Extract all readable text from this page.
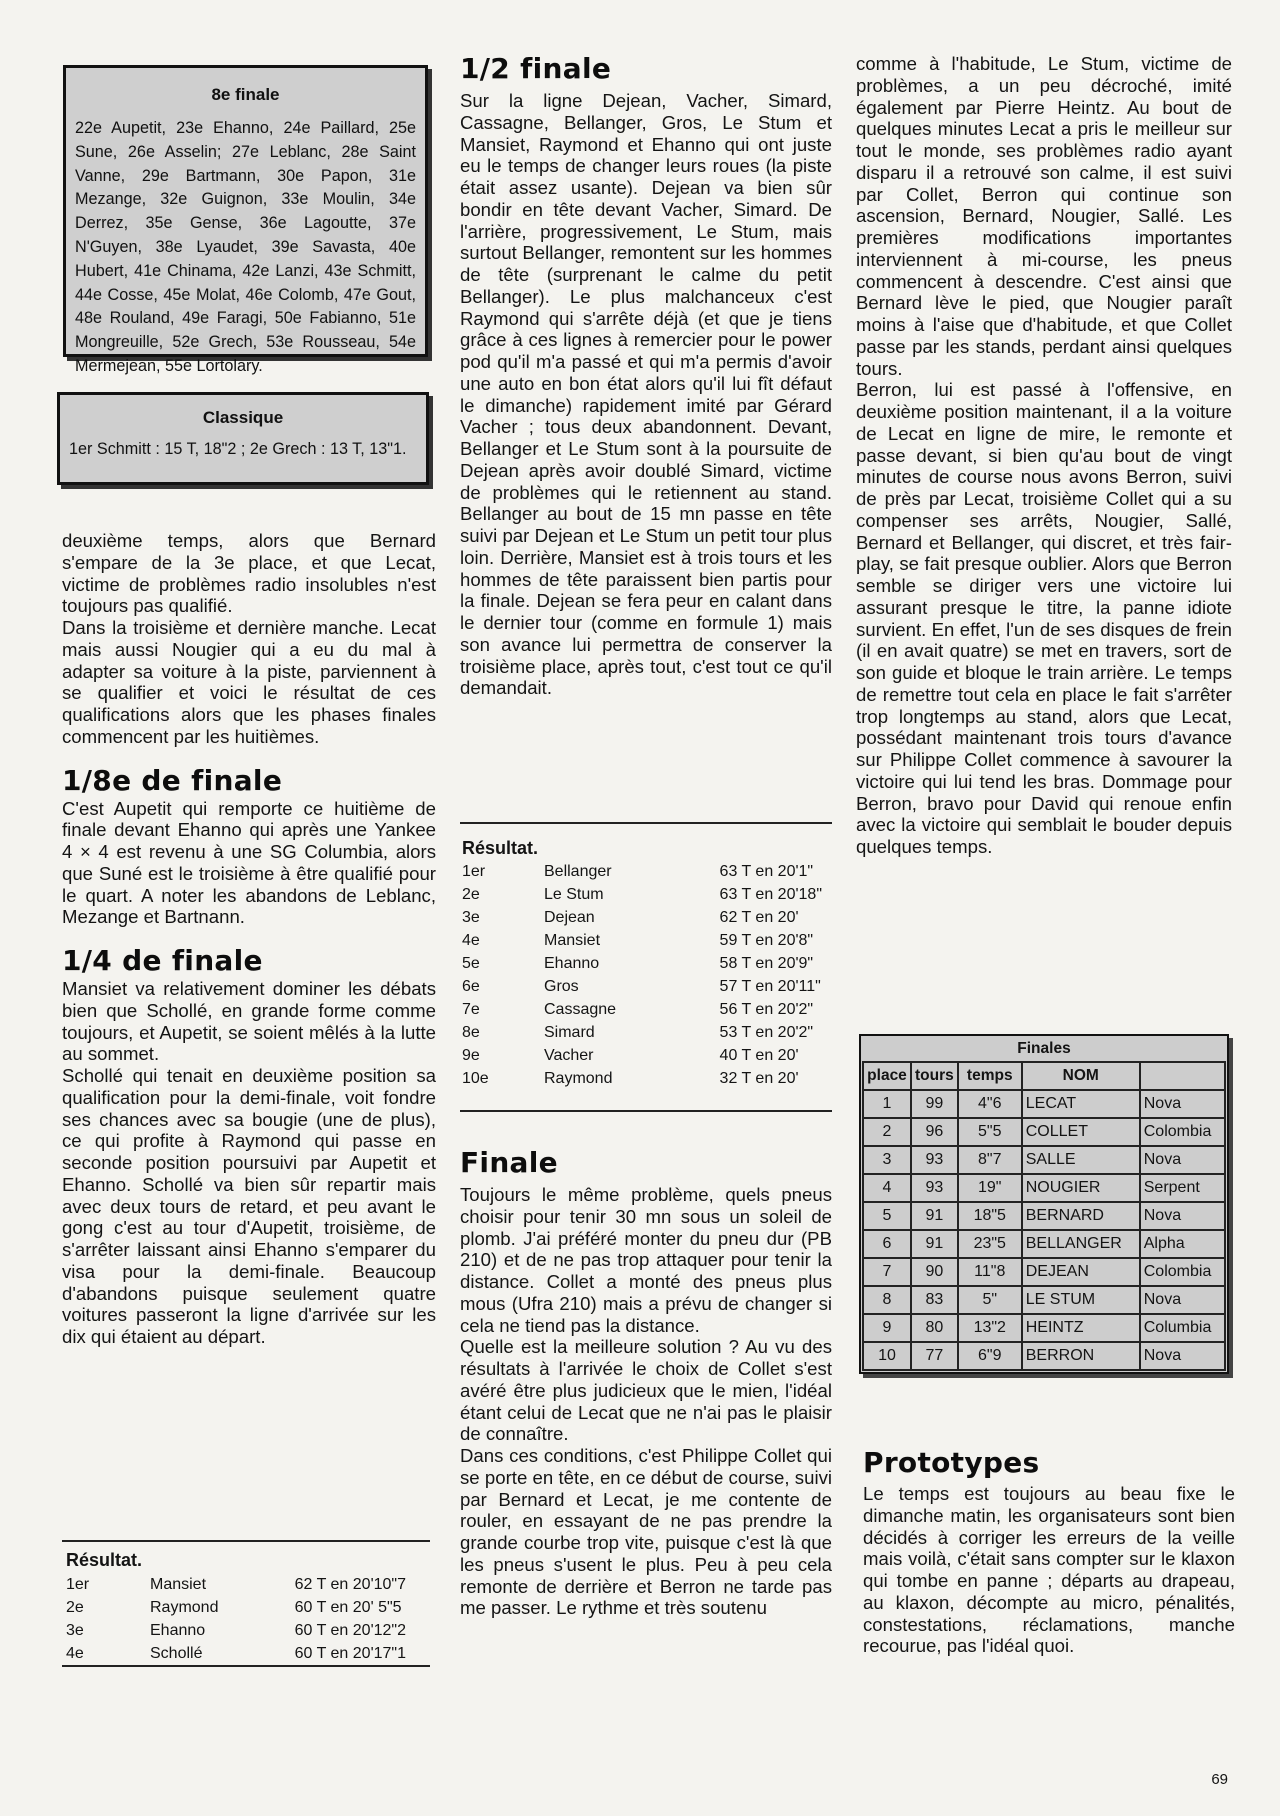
8e finale

22e Aupetit, 23e Ehanno, 24e Paillard, 25e Sune, 26e Asselin; 27e Leblanc, 28e Saint Vanne, 29e Bartmann, 30e Papon, 31e Mezange, 32e Guignon, 33e Moulin, 34e Derrez, 35e Gense, 36e Lagoutte, 37e N'Guyen, 38e Lyaudet, 39e Savasta, 40e Hubert, 41e Chinama, 42e Lanzi, 43e Schmitt, 44e Cosse, 45e Molat, 46e Colomb, 47e Gout, 48e Rouland, 49e Faragi, 50e Fabianno, 51e Mongreuille, 52e Grech, 53e Rousseau, 54e Mermejean, 55e Lortolary.

Classique

1er Schmitt : 15 T, 18"2 ; 2e Grech : 13 T, 13"1.

deuxième temps, alors que Bernard s'empare de la 3e place, et que Lecat, victime de problèmes radio insolubles n'est toujours pas qualifié.

Dans la troisième et dernière manche. Lecat mais aussi Nougier qui a eu du mal à adapter sa voiture à la piste, parviennent à se qualifier et voici le résultat de ces qualifications alors que les phases finales commencent par les huitièmes.

1/8e de finale

C'est Aupetit qui remporte ce huitième de finale devant Ehanno qui après une Yankee 4 × 4 est revenu à une SG Columbia, alors que Suné est le troisième à être qualifié pour le quart. A noter les abandons de Leblanc, Mezange et Bartnann.

1/4 de finale

Mansiet va relativement dominer les débats bien que Schollé, en grande forme comme toujours, et Aupetit, se soient mêlés à la lutte au sommet.

Schollé qui tenait en deuxième position sa qualification pour la demi-finale, voit fondre ses chances avec sa bougie (une de plus), ce qui profite à Raymond qui passe en seconde position poursuivi par Aupetit et Ehanno. Schollé va bien sûr repartir mais avec deux tours de retard, et peu avant le gong c'est au tour d'Aupetit, troisième, de s'arrêter laissant ainsi Ehanno s'emparer du visa pour la demi-finale. Beaucoup d'abandons puisque seulement quatre voitures passeront la ligne d'arrivée sur les dix qui étaient au départ.

Résultat.

1er	Mansiet	62 T en 20'10"7
2e	Raymond	60 T en 20' 5"5
3e	Ehanno	60 T en 20'12"2
4e	Schollé	60 T en 20'17"1
1/2 finale

Sur la ligne Dejean, Vacher, Simard, Cassagne, Bellanger, Gros, Le Stum et Mansiet, Raymond et Ehanno qui ont juste eu le temps de changer leurs roues (la piste était assez usante). Dejean va bien sûr bondir en tête devant Vacher, Simard. De l'arrière, progressivement, Le Stum, mais surtout Bellanger, remontent sur les hommes de tête (surprenant le calme du petit Bellanger). Le plus malchanceux c'est Raymond qui s'arrête déjà (et que je tiens grâce à ces lignes à remercier pour le power pod qu'il m'a passé et qui m'a permis d'avoir une auto en bon état alors qu'il lui fît défaut le dimanche) rapidement imité par Gérard Vacher ; tous deux abandonnent. Devant, Bellanger et Le Stum sont à la poursuite de Dejean après avoir doublé Simard, victime de problèmes qui le retiennent au stand. Bellanger au bout de 15 mn passe en tête suivi par Dejean et Le Stum un petit tour plus loin. Derrière, Mansiet est à trois tours et les hommes de tête paraissent bien partis pour la finale. Dejean se fera peur en calant dans le dernier tour (comme en formule 1) mais son avance lui permettra de conserver la troisième place, après tout, c'est tout ce qu'il demandait.

Résultat.

1er	Bellanger	63 T en 20'1"
2e	Le Stum	63 T en 20'18"
3e	Dejean	62 T en 20'
4e	Mansiet	59 T en 20'8"
5e	Ehanno	58 T en 20'9"
6e	Gros	57 T en 20'11"
7e	Cassagne	56 T en 20'2"
8e	Simard	53 T en 20'2"
9e	Vacher	40 T en 20'
10e	Raymond	32 T en 20'
Finale

Toujours le même problème, quels pneus choisir pour tenir 30 mn sous un soleil de plomb. J'ai préféré monter du pneu dur (PB 210) et de ne pas trop attaquer pour tenir la distance. Collet a monté des pneus plus mous (Ufra 210) mais a prévu de changer si cela ne tiend pas la distance.

Quelle est la meilleure solution ? Au vu des résultats à l'arrivée le choix de Collet s'est avéré être plus judicieux que le mien, l'idéal étant celui de Lecat que ne n'ai pas le plaisir de connaître.

Dans ces conditions, c'est Philippe Collet qui se porte en tête, en ce début de course, suivi par Bernard et Lecat, je me contente de rouler, en essayant de ne pas prendre la grande courbe trop vite, puisque c'est là que les pneus s'usent le plus. Peu à peu cela remonte de derrière et Berron ne tarde pas me passer. Le rythme et très soutenu

comme à l'habitude, Le Stum, victime de problèmes, a un peu décroché, imité également par Pierre Heintz. Au bout de quelques minutes Lecat a pris le meilleur sur tout le monde, ses problèmes radio ayant disparu il a retrouvé son calme, il est suivi par Collet, Berron qui continue son ascension, Bernard, Nougier, Sallé. Les premières modifications importantes interviennent à mi-course, les pneus commencent à descendre. C'est ainsi que Bernard lève le pied, que Nougier paraît moins à l'aise que d'habitude, et que Collet passe par les stands, perdant ainsi quelques tours.

Berron, lui est passé à l'offensive, en deuxième position maintenant, il a la voiture de Lecat en ligne de mire, le remonte et passe devant, si bien qu'au bout de vingt minutes de course nous avons Berron, suivi de près par Lecat, troisième Collet qui a su compenser ses arrêts, Nougier, Sallé, Bernard et Bellanger, qui discret, et très fair-play, se fait presque oublier. Alors que Berron semble se diriger vers une victoire lui assurant presque le titre, la panne idiote survient. En effet, l'un de ses disques de frein (il en avait quatre) se met en travers, sort de son guide et bloque le train arrière. Le temps de remettre tout cela en place le fait s'arrêter trop longtemps au stand, alors que Lecat, possédant maintenant trois tours d'avance sur Philippe Collet commence à savourer la victoire qui lui tend les bras. Dommage pour Berron, bravo pour David qui renoue enfin avec la victoire qui semblait le bouder depuis quelques temps.

Finales
place	tours	temps	NOM	
1	99	4"6	LECAT	Nova
2	96	5"5	COLLET	Colombia
3	93	8"7	SALLE	Nova
4	93	19"	NOUGIER	Serpent
5	91	18"5	BERNARD	Nova
6	91	23"5	BELLANGER	Alpha
7	90	11"8	DEJEAN	Colombia
8	83	5"	LE STUM	Nova
9	80	13"2	HEINTZ	Columbia
10	77	6"9	BERRON	Nova
Prototypes

Le temps est toujours au beau fixe le dimanche matin, les organisateurs sont bien décidés à corriger les erreurs de la veille mais voilà, c'était sans compter sur le klaxon qui tombe en panne ; départs au drapeau, au klaxon, décompte au micro, pénalités, constestations, réclamations, manche recourue, pas l'idéal quoi.

69
